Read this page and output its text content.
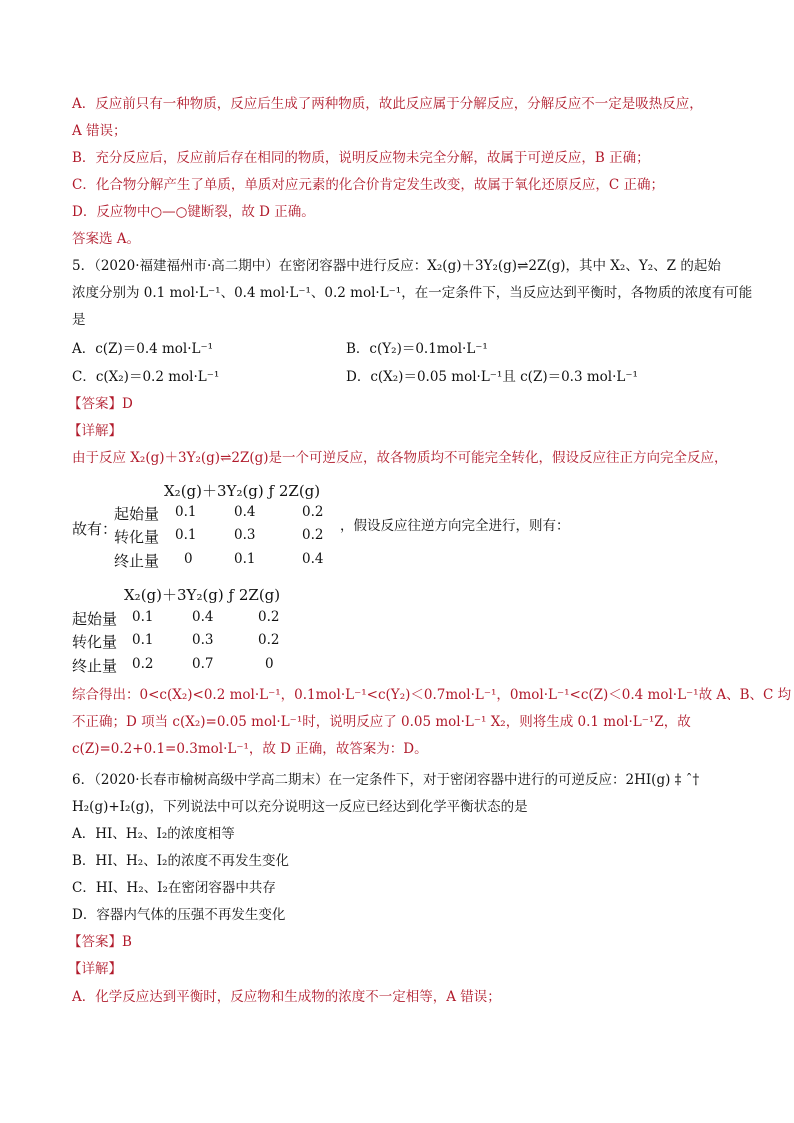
A．反应前只有一种物质，反应后生成了两种物质，故此反应属于分解反应，分解反应不一定是吸热反应，
A 错误；
B．充分反应后，反应前后存在相同的物质，说明反应物未完全分解，故属于可逆反应，B 正确；
C．化合物分解产生了单质，单质对应元素的化合价肯定发生改变，故属于氧化还原反应，C 正确；
D．反应物中○—○键断裂，故 D 正确。
答案选 A。
5．（2020·福建福州市·高二期中）在密闭容器中进行反应：X₂(g)＋3Y₂(g)⇌2Z(g)，其中 X₂、Y₂、Z 的起始
浓度分别为 0.1 mol·L⁻¹、0.4 mol·L⁻¹、0.2 mol·L⁻¹，在一定条件下，当反应达到平衡时，各物质的浓度有可能
是
A．c(Z)＝0.4 mol·L⁻¹	B．c(Y₂)＝0.1mol·L⁻¹
C．c(X₂)＝0.2 mol·L⁻¹	D．c(X₂)＝0.05 mol·L⁻¹且 c(Z)＝0.3 mol·L⁻¹
【答案】D
【详解】
由于反应 X₂(g)＋3Y₂(g)⇌2Z(g)是一个可逆反应，故各物质均不可能完全转化，假设反应往正方向完全反应，
X₂(g)＋3Y₂(g) ƒ 2Z(g)
故有：
起始量 0.1	0.4	0.2
转化量 0.1	0.3	0.2
终止量 0	0.1	0.4
，假设反应往逆方向完全进行，则有：
X₂(g)＋3Y₂(g) ƒ 2Z(g)
起始量 0.1	0.4	0.2
转化量 0.1	0.3	0.2
终止量 0.2	0.7	0
综合得出：0<c(X₂)<0.2 mol·L⁻¹，0.1mol·L⁻¹<c(Y₂)＜0.7mol·L⁻¹，0mol·L⁻¹<c(Z)＜0.4 mol·L⁻¹故 A、B、C 均
不正确；D 项当 c(X₂)=0.05 mol·L⁻¹时，说明反应了 0.05 mol·L⁻¹ X₂，则将生成 0.1 mol·L⁻¹Z，故
c(Z)=0.2+0.1=0.3mol·L⁻¹，故 D 正确，故答案为：D。
6．（2020·长春市榆树高级中学高二期末）在一定条件下，对于密闭容器中进行的可逆反应：2HI(g) ‡ ˆ†
H₂(g)+I₂(g)，下列说法中可以充分说明这一反应已经达到化学平衡状态的是
A．HI、H₂、I₂的浓度相等
B．HI、H₂、I₂的浓度不再发生变化
C．HI、H₂、I₂在密闭容器中共存
D．容器内气体的压强不再发生变化
【答案】B
【详解】
A．化学反应达到平衡时，反应物和生成物的浓度不一定相等，A 错误；
